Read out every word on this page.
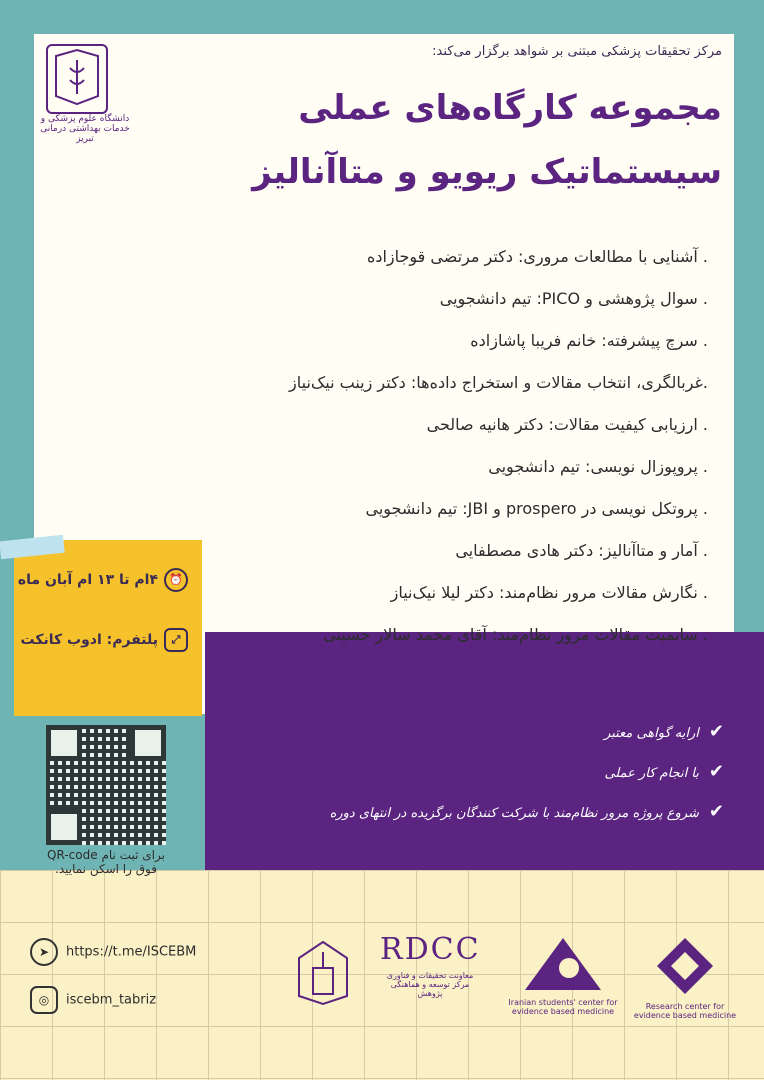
دانشگاه علوم پزشکی و خدمات بهداشتی درمانی تبریز
مرکز تحقیقات پزشکی مبتنی بر شواهد برگزار می‌کند:
مجموعه کارگاه‌های عملی
سیستماتیک ریویو و متاآنالیز
. آشنایی با مطالعات مروری: دکتر مرتضی قوجازاده
. سوال پژوهشی و PICO: تیم دانشجویی
. سرچ پیشرفته: خانم فریبا پاشازاده
.غربالگری، انتخاب مقالات و استخراج داده‌ها: دکتر زینب نیک‌نیاز
. ارزیابی کیفیت مقالات: دکتر هانیه صالحی
. پروپوزال نویسی: تیم دانشجویی
. پروتکل نویسی در prospero و JBI: تیم دانشجویی
. آمار و متاآنالیز: دکتر هادی مصطفایی
. نگارش مقالات مرور نظام‌مند: دکتر لیلا نیک‌نیاز
. سابمیت مقالات مرور نظام‌مند: آقای محمد سالار حسینی
⏰۴ام تا ۱۳ ام آبان ماه
⤢پلتفرم: ادوب کانکت
برای ثبت نام QR-code فوق را اسکن نمایید.
✔ارایه گواهی معتبر
✔با انجام کار عملی
✔شروع پروژه مرور نظام‌مند با شرکت کنندگان برگزیده در انتهای دوره
➤ https://t.me/ISCEBM
◎ iscebm_tabriz
RDCC
معاونت تحقیقات و فناوری مرکز توسعه و هماهنگی پژوهش
Iranian students' center for evidence based medicine
Research center for evidence based medicine
